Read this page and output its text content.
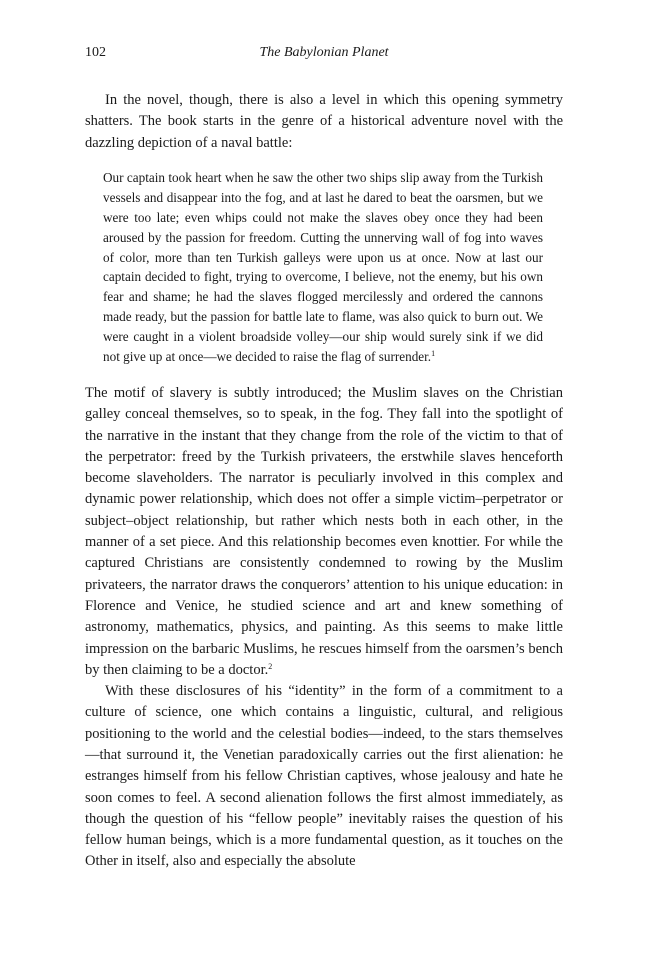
102	The Babylonian Planet

In the novel, though, there is also a level in which this opening symmetry shatters. The book starts in the genre of a historical adventure novel with the dazzling depiction of a naval battle:

Our captain took heart when he saw the other two ships slip away from the Turkish vessels and disappear into the fog, and at last he dared to beat the oarsmen, but we were too late; even whips could not make the slaves obey once they had been aroused by the passion for freedom. Cutting the unnerving wall of fog into waves of color, more than ten Turkish galleys were upon us at once. Now at last our captain decided to fight, trying to overcome, I believe, not the enemy, but his own fear and shame; he had the slaves flogged mercilessly and ordered the cannons made ready, but the passion for battle late to flame, was also quick to burn out. We were caught in a violent broadside volley—our ship would surely sink if we did not give up at once—we decided to raise the flag of surrender.$^1$

The motif of slavery is subtly introduced; the Muslim slaves on the Christian galley conceal themselves, so to speak, in the fog. They fall into the spotlight of the narrative in the instant that they change from the role of the victim to that of the perpetrator: freed by the Turkish privateers, the erstwhile slaves henceforth become slaveholders. The narrator is peculiarly involved in this complex and dynamic power relationship, which does not offer a simple victim–perpetrator or subject–object relationship, but rather which nests both in each other, in the manner of a set piece. And this relationship becomes even knottier. For while the captured Christians are consistently condemned to rowing by the Muslim privateers, the narrator draws the conquerors’ attention to his unique education: in Florence and Venice, he studied science and art and knew something of astronomy, mathematics, physics, and painting. As this seems to make little impression on the barbaric Muslims, he rescues himself from the oarsmen’s bench by then claiming to be a doctor.$^2$

With these disclosures of his “identity” in the form of a commitment to a culture of science, one which contains a linguistic, cultural, and religious positioning to the world and the celestial bodies—indeed, to the stars themselves—that surround it, the Venetian paradoxically carries out the first alienation: he estranges himself from his fellow Christian captives, whose jealousy and hate he soon comes to feel. A second alienation follows the first almost immediately, as though the question of his “fellow people” inevitably raises the question of his fellow human beings, which is a more fundamental question, as it touches on the Other in itself, also and especially the absolute
